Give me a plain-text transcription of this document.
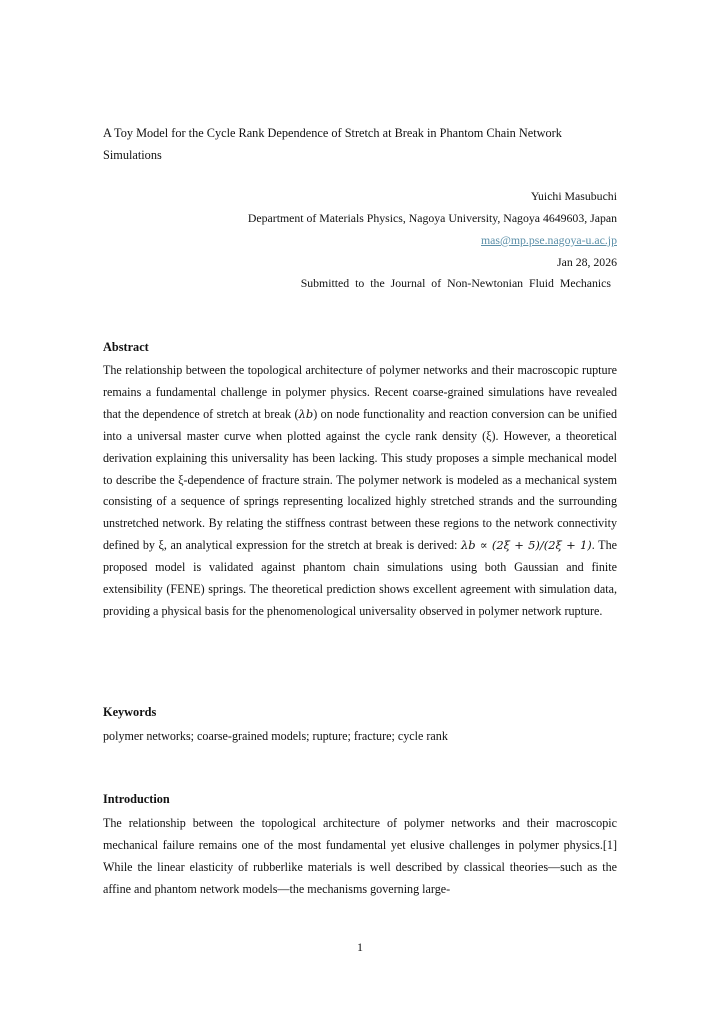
A Toy Model for the Cycle Rank Dependence of Stretch at Break in Phantom Chain Network Simulations
Yuichi Masubuchi
Department of Materials Physics, Nagoya University, Nagoya 4649603, Japan
mas@mp.pse.nagoya-u.ac.jp
Jan 28, 2026
Submitted to the Journal of Non-Newtonian Fluid Mechanics
Abstract
The relationship between the topological architecture of polymer networks and their macroscopic rupture remains a fundamental challenge in polymer physics. Recent coarse-grained simulations have revealed that the dependence of stretch at break (λb) on node functionality and reaction conversion can be unified into a universal master curve when plotted against the cycle rank density (ξ). However, a theoretical derivation explaining this universality has been lacking. This study proposes a simple mechanical model to describe the ξ-dependence of fracture strain. The polymer network is modeled as a mechanical system consisting of a sequence of springs representing localized highly stretched strands and the surrounding unstretched network. By relating the stiffness contrast between these regions to the network connectivity defined by ξ, an analytical expression for the stretch at break is derived: λb ∝ (2ξ + 5)/(2ξ + 1). The proposed model is validated against phantom chain simulations using both Gaussian and finite extensibility (FENE) springs. The theoretical prediction shows excellent agreement with simulation data, providing a physical basis for the phenomenological universality observed in polymer network rupture.
Keywords
polymer networks; coarse-grained models; rupture; fracture; cycle rank
Introduction
The relationship between the topological architecture of polymer networks and their macroscopic mechanical failure remains one of the most fundamental yet elusive challenges in polymer physics.[1] While the linear elasticity of rubberlike materials is well described by classical theories—such as the affine and phantom network models—the mechanisms governing large-
1
